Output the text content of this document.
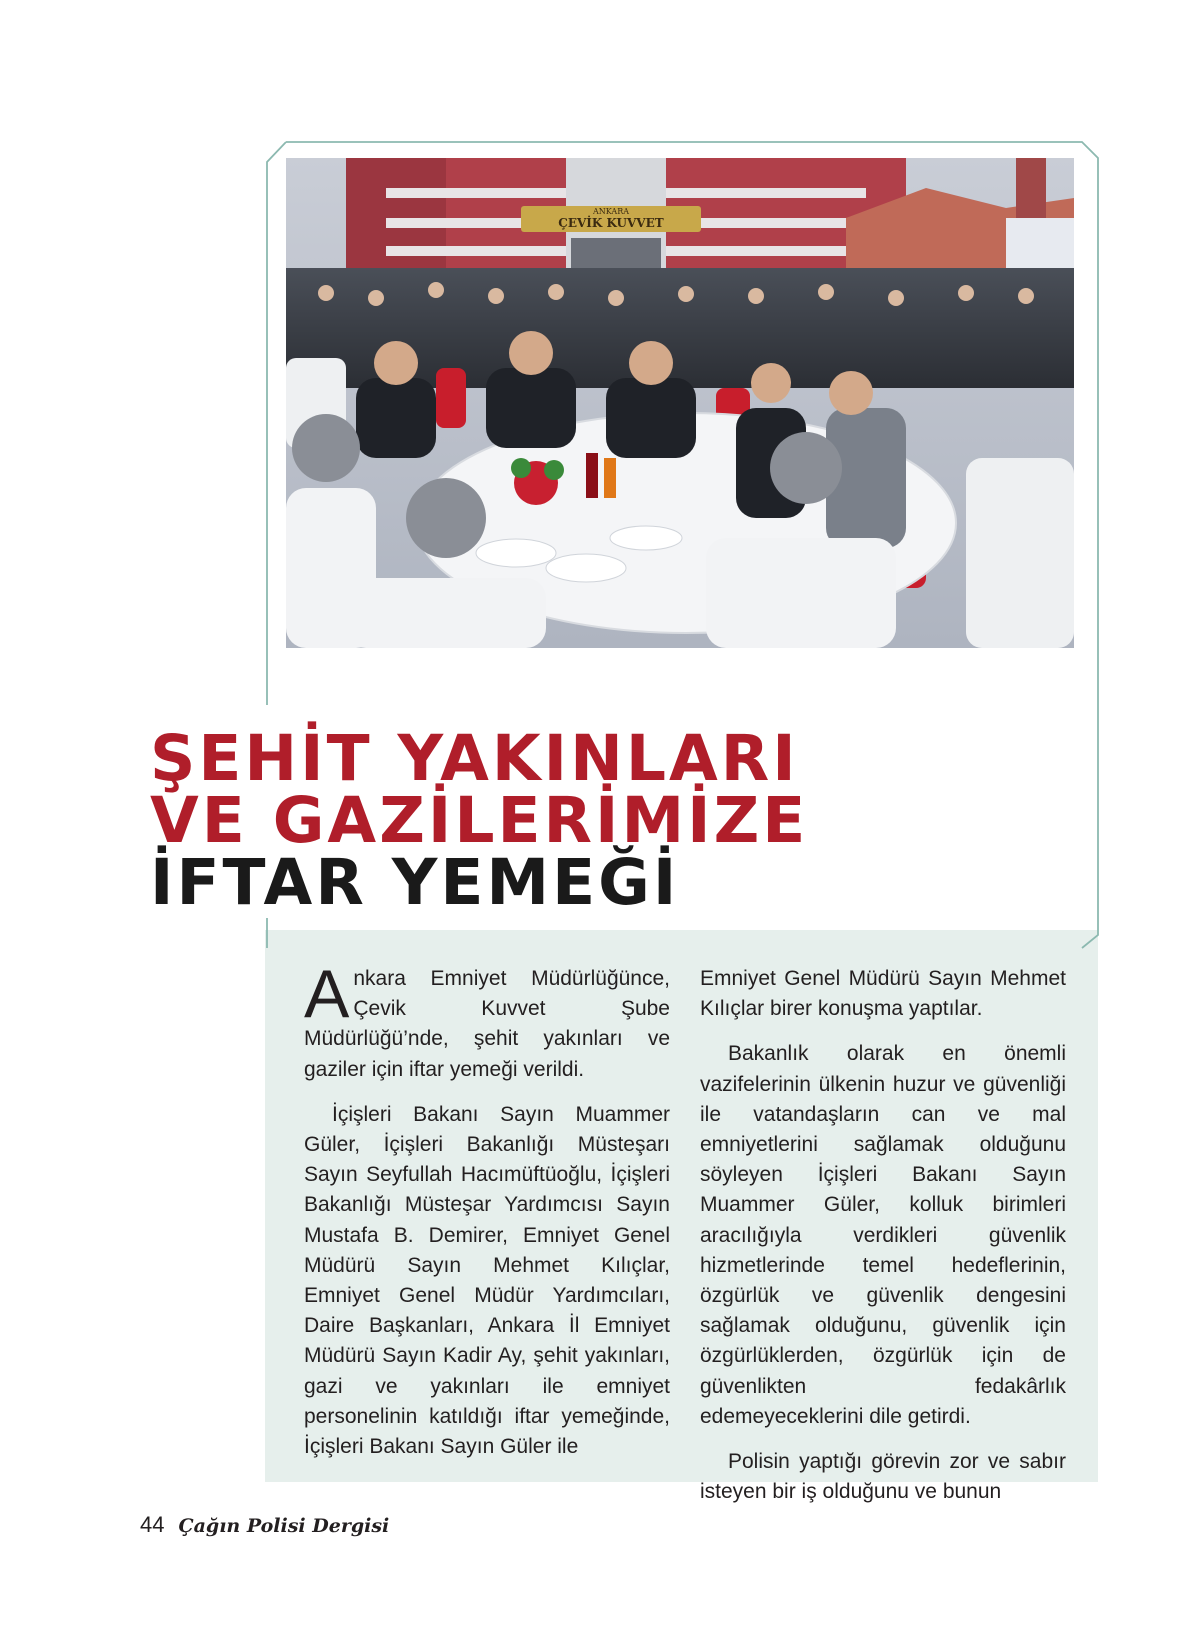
ANKARA
ÇEVİK KUVVET
ŞEHİT YAKINLARI
VE GAZİLERİMİZE
İFTAR YEMEĞİ

Ankara Emniyet Müdürlüğünce, Çevik Kuvvet Şube Müdürlüğü’nde, şehit yakınları ve gaziler için iftar yemeği verildi.

İçişleri Bakanı Sayın Muammer Güler, İçişleri Bakanlığı Müsteşarı Sayın Seyfullah Hacımüftüoğlu, İçişleri Bakanlığı Müsteşar Yardımcısı Sayın Mustafa B. Demirer, Emniyet Genel Müdürü Sayın Mehmet Kılıçlar, Emniyet Genel Müdür Yardımcıları, Daire Başkanları, Ankara İl Emniyet Müdürü Sayın Kadir Ay, şehit yakınları, gazi ve yakınları ile emniyet personelinin katıldığı iftar yemeğinde, İçişleri Bakanı Sayın Güler ile

Emniyet Genel Müdürü Sayın Mehmet Kılıçlar birer konuşma yaptılar.

Bakanlık olarak en önemli vazifelerinin ülkenin huzur ve güvenliği ile vatandaşların can ve mal emniyetlerini sağlamak olduğunu söyleyen İçişleri Bakanı Sayın Muammer Güler, kolluk birimleri aracılığıyla verdikleri güvenlik hizmetlerinde temel hedeflerinin, özgürlük ve güvenlik dengesini sağlamak olduğunu, güvenlik için özgürlüklerden, özgürlük için de güvenlikten fedakârlık edemeyeceklerini dile getirdi.

Polisin yaptığı görevin zor ve sabır isteyen bir iş olduğunu ve bunun

44 Çağın Polisi Dergisi
